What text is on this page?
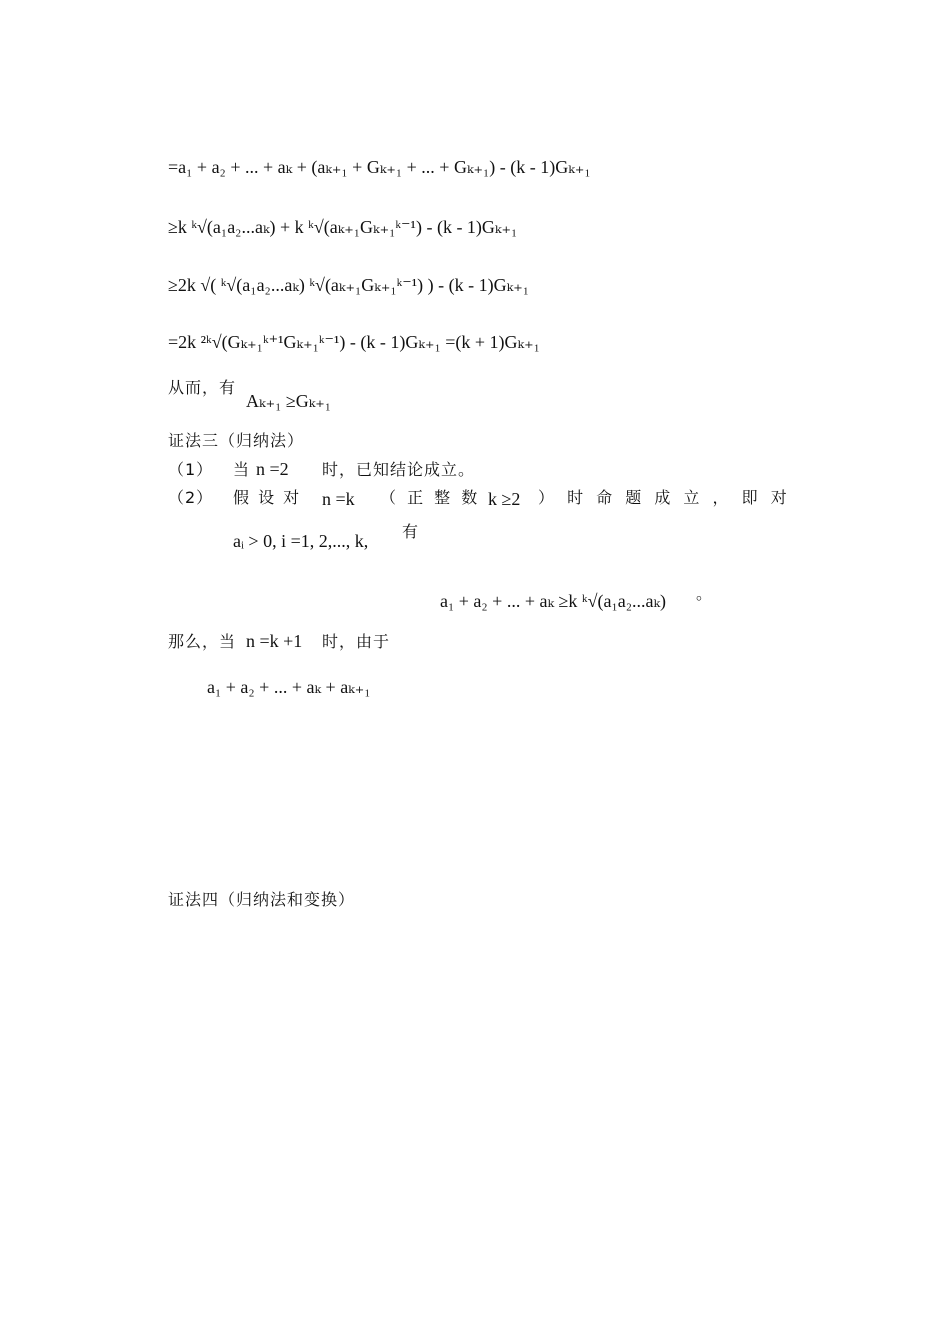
=a₁ + a₂ + ... + aₖ + (aₖ₊₁ + Gₖ₊₁ + ... + Gₖ₊₁) - (k - 1)Gₖ₊₁
≥k ᵏ√(a₁a₂...aₖ) + k ᵏ√(aₖ₊₁Gₖ₊₁ᵏ⁻¹) - (k - 1)Gₖ₊₁
≥2k √( ᵏ√(a₁a₂...aₖ) ᵏ√(aₖ₊₁Gₖ₊₁ᵏ⁻¹) ) - (k - 1)Gₖ₊₁
=2k ²ᵏ√(Gₖ₊₁ᵏ⁺¹Gₖ₊₁ᵏ⁻¹) - (k - 1)Gₖ₊₁ =(k + 1)Gₖ₊₁
从而，有
Aₖ₊₁ ≥Gₖ₊₁
证法三（归纳法）
（1） 当 n =2 时，已知结论成立。
（2） 假 设 对 n =k （ 正 整 数 k ≥2 ） 时 命 题 成 立 ， 即 对
aᵢ > 0, i =1, 2,..., k, 有
a₁ + a₂ + ... + aₖ ≥k ᵏ√(a₁a₂...aₖ) 。
那么，当 n =k +1 时，由于
a₁ + a₂ + ... + aₖ + aₖ₊₁
证法四（归纳法和变换）
